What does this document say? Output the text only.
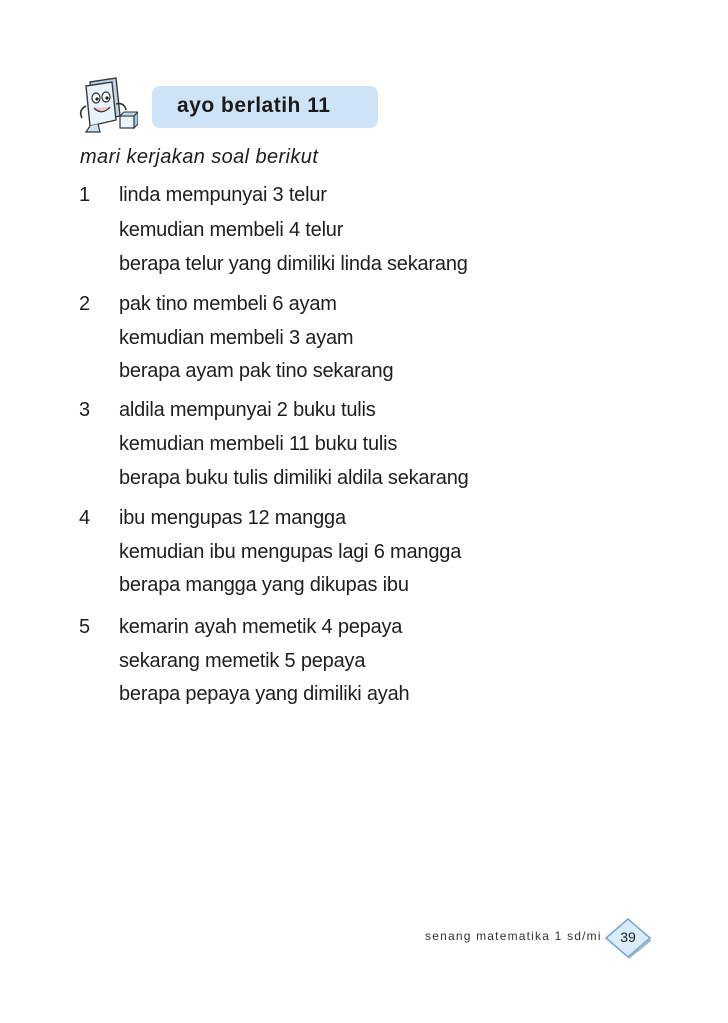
ayo berlatih 11
mari kerjakan soal berikut
1 linda mempunyai 3 telur
kemudian membeli 4 telur
berapa telur yang dimiliki linda sekarang
2 pak tino membeli 6 ayam
kemudian membeli 3 ayam
berapa ayam pak tino sekarang
3 aldila mempunyai 2 buku tulis
kemudian membeli 11 buku tulis
berapa buku tulis dimiliki aldila sekarang
4 ibu mengupas 12 mangga
kemudian ibu mengupas lagi 6 mangga
berapa mangga yang dikupas ibu
5 kemarin ayah memetik 4 pepaya
sekarang memetik 5 pepaya
berapa pepaya yang dimiliki ayah
senang matematika 1 sd/mi	39
